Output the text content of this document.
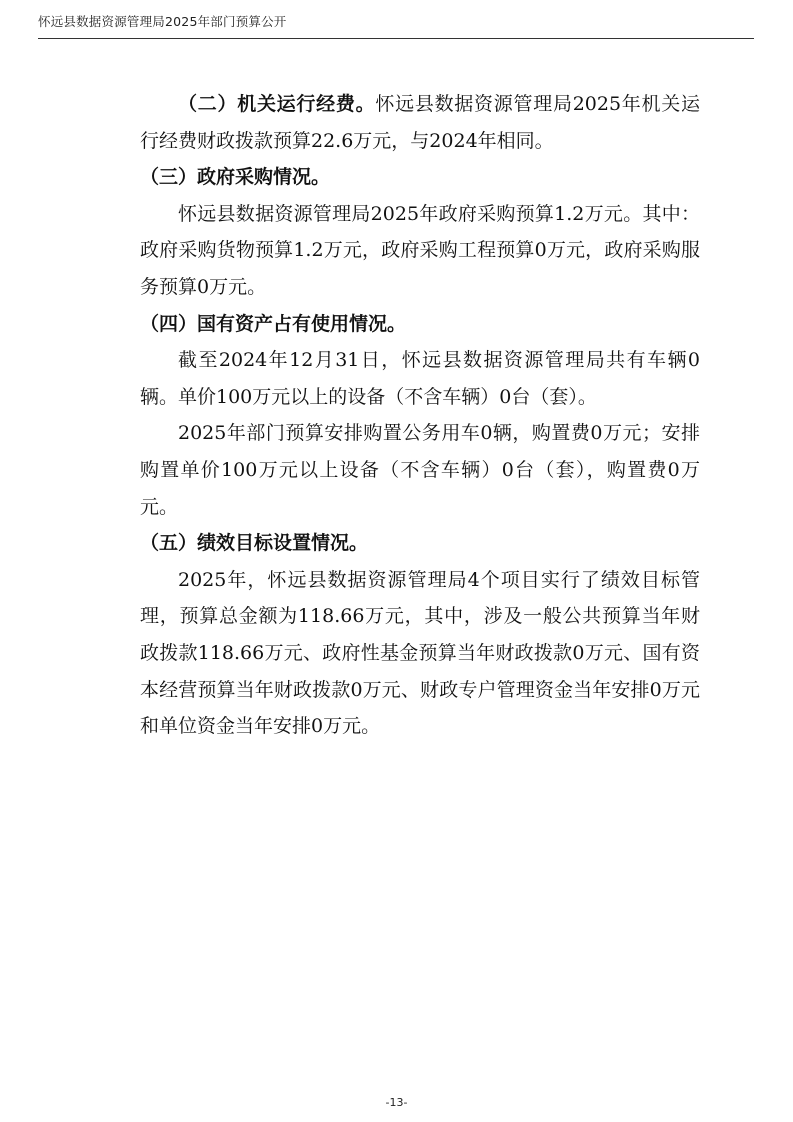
怀远县数据资源管理局2025年部门预算公开

（二）机关运行经费。怀远县数据资源管理局2025年机关运行经费财政拨款预算22.6万元，与2024年相同。

（三）政府采购情况。

怀远县数据资源管理局2025年政府采购预算1.2万元。其中：政府采购货物预算1.2万元，政府采购工程预算0万元，政府采购服务预算0万元。

（四）国有资产占有使用情况。

截至2024年12月31日，怀远县数据资源管理局共有车辆0辆。单价100万元以上的设备（不含车辆）0台（套）。

2025年部门预算安排购置公务用车0辆，购置费0万元；安排购置单价100万元以上设备（不含车辆）0台（套），购置费0万元。

（五）绩效目标设置情况。

2025年，怀远县数据资源管理局4个项目实行了绩效目标管理，预算总金额为118.66万元，其中，涉及一般公共预算当年财政拨款118.66万元、政府性基金预算当年财政拨款0万元、国有资本经营预算当年财政拨款0万元、财政专户管理资金当年安排0万元和单位资金当年安排0万元。

-13-
